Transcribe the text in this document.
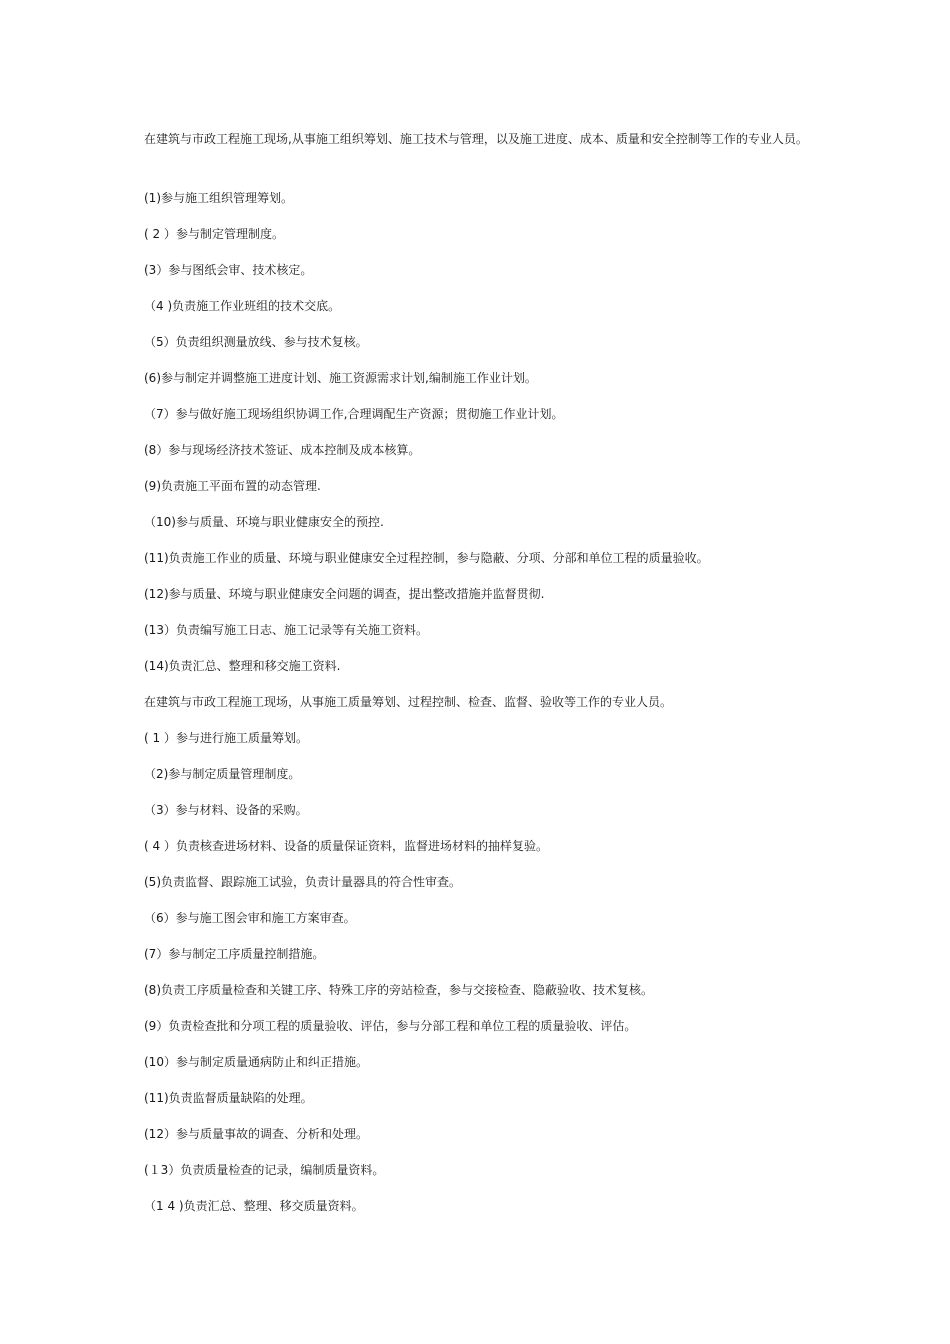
在建筑与市政工程施工现场,从事施工组织筹划、施工技术与管理，以及施工进度、成本、质量和安全控制等工作的专业人员。
(1)参与施工组织管理筹划。
( 2 ）参与制定管理制度。
(3）参与图纸会审、技术核定。
（4 )负责施工作业班组的技术交底。
（5）负责组织测量放线、参与技术复核。
(6)参与制定并调整施工进度计划、施工资源需求计划,编制施工作业计划。
（7）参与做好施工现场组织协调工作,合理调配生产资源；贯彻施工作业计划。
(8）参与现场经济技术签证、成本控制及成本核算。
(9)负责施工平面布置的动态管理.
（10)参与质量、环境与职业健康安全的预控.
(11)负责施工作业的质量、环境与职业健康安全过程控制，参与隐蔽、分项、分部和单位工程的质量验收。
(12)参与质量、环境与职业健康安全问题的调查，提出整改措施并监督贯彻.
(13）负责编写施工日志、施工记录等有关施工资料。
(14)负责汇总、整理和移交施工资料.
在建筑与市政工程施工现场，从事施工质量筹划、过程控制、检查、监督、验收等工作的专业人员。
( 1 ）参与进行施工质量筹划。
（2)参与制定质量管理制度。
（3）参与材料、设备的采购。
( 4 ）负责核查进场材料、设备的质量保证资料，监督进场材料的抽样复验。
(5)负责监督、跟踪施工试验，负责计量器具的符合性审查。
（6）参与施工图会审和施工方案审查。
(7）参与制定工序质量控制措施。
(8)负责工序质量检查和关键工序、特殊工序的旁站检查，参与交接检查、隐蔽验收、技术复核。
(9）负责检查批和分项工程的质量验收、评估，参与分部工程和单位工程的质量验收、评估。
(10）参与制定质量通病防止和纠正措施。
(11)负责监督质量缺陷的处理。
(12）参与质量事故的调查、分析和处理。
(１3）负责质量检查的记录，编制质量资料。
（1 4 )负责汇总、整理、移交质量资料。
